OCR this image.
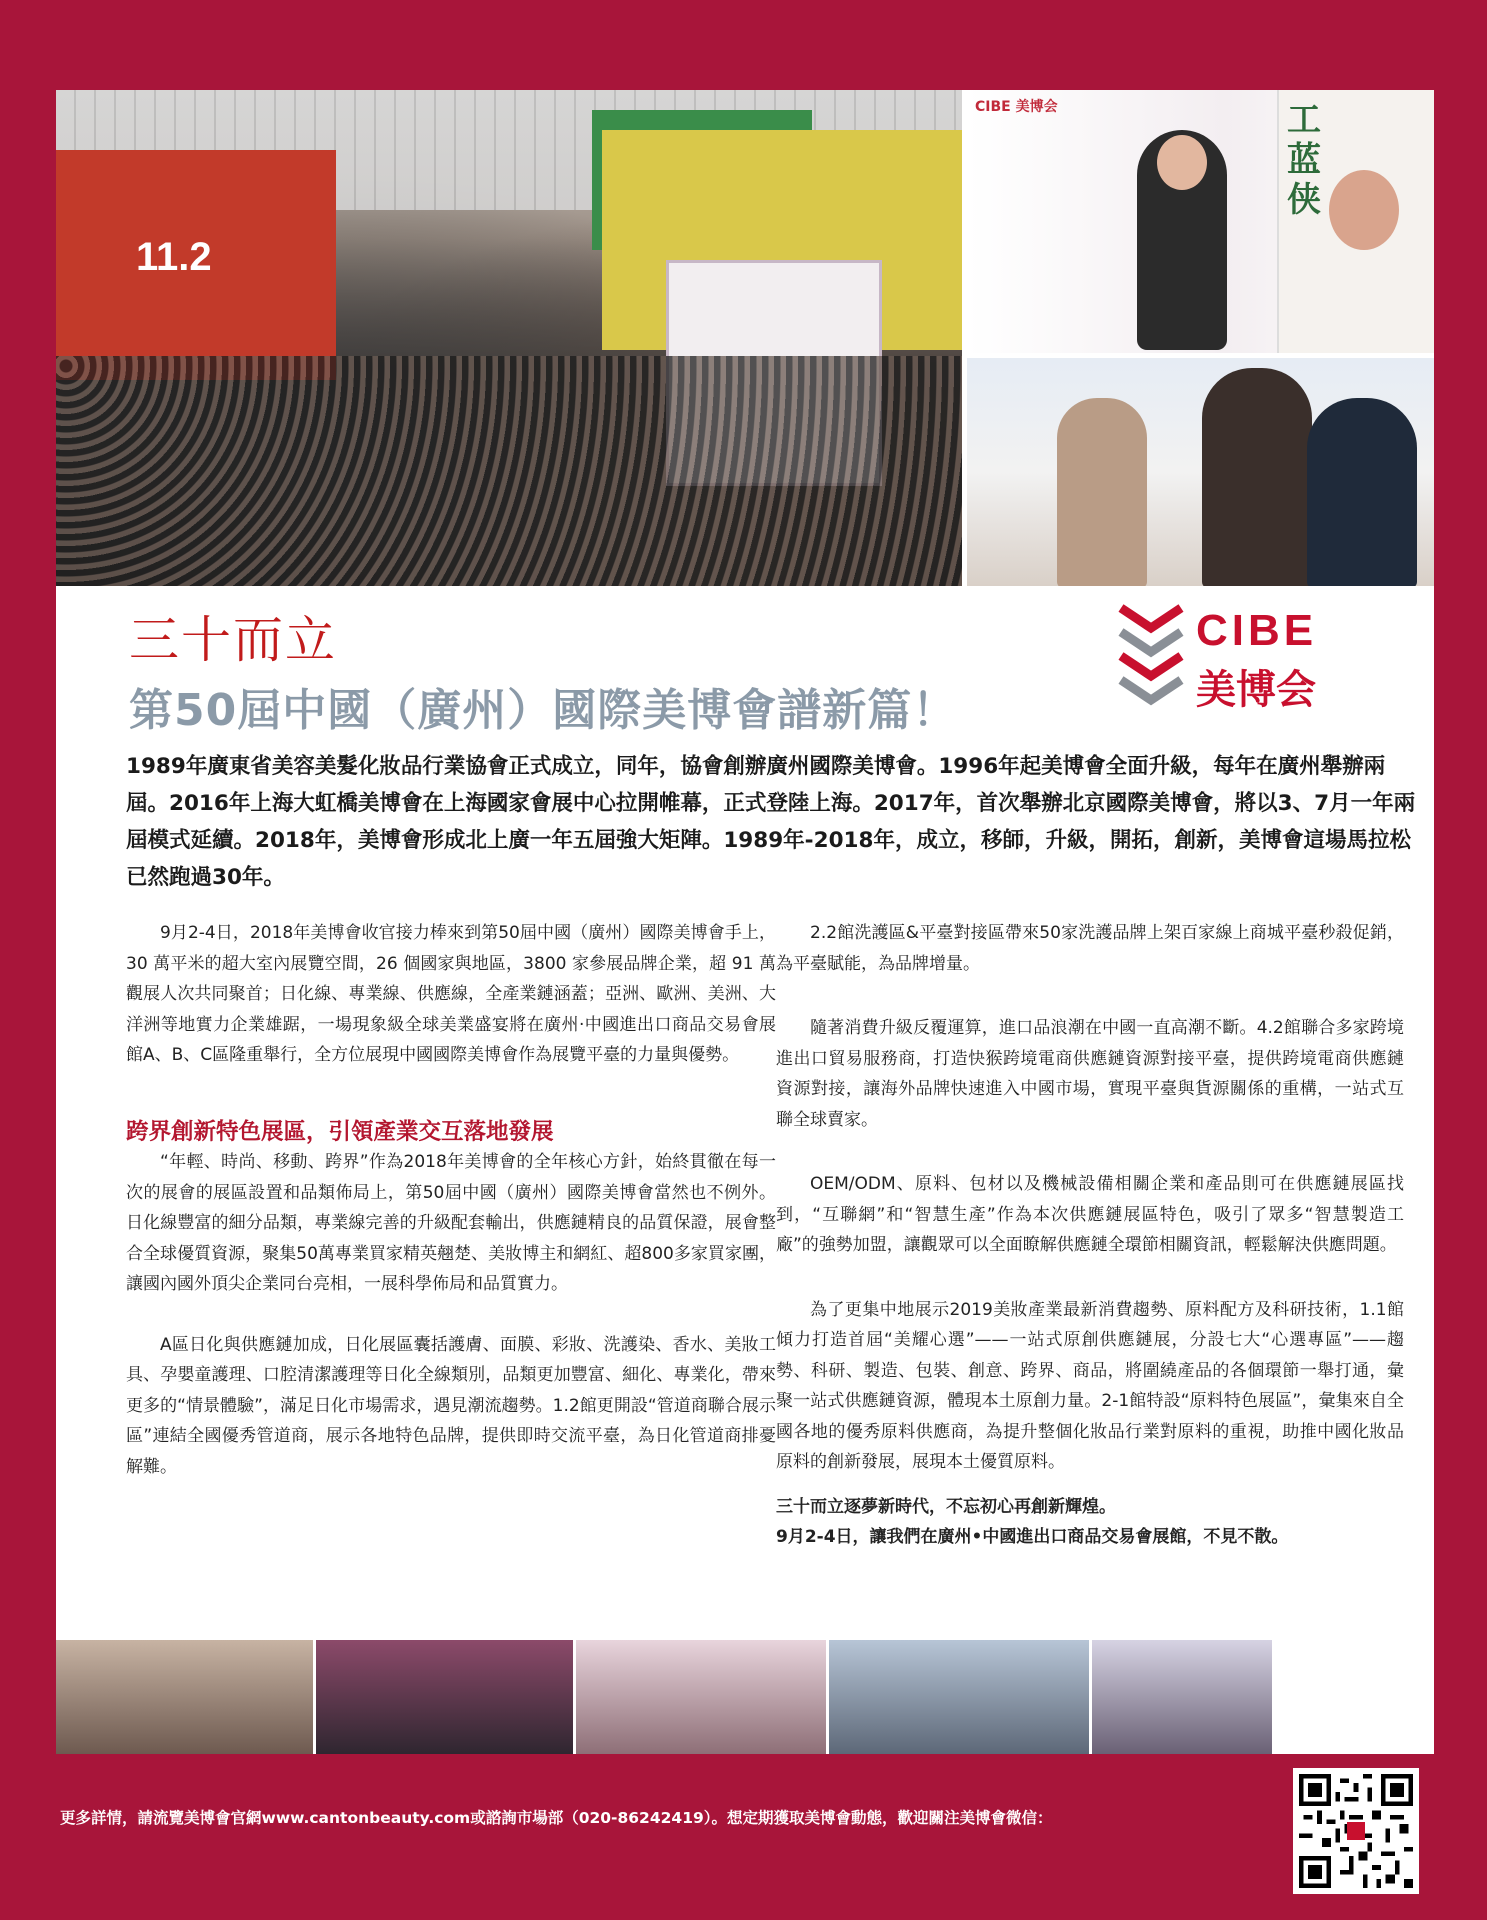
11.2
CIBE 美博会	工蓝侠
三十而立
第50屆中國（廣州）國際美博會譜新篇！
CIBE
美博会

1989年廣東省美容美髮化妝品行業協會正式成立，同年，協會創辦廣州國際美博會。1996年起美博會全面升級，每年在廣州舉辦兩屆。2016年上海大虹橋美博會在上海國家會展中心拉開帷幕，正式登陸上海。2017年，首次舉辦北京國際美博會，將以3、7月一年兩屆模式延續。2018年，美博會形成北上廣一年五屆強大矩陣。1989年-2018年，成立，移師，升級，開拓，創新，美博會這場馬拉松已然跑過30年。

9月2-4日，2018年美博會收官接力棒來到第50屆中國（廣州）國際美博會手上，30 萬平米的超大室內展覽空間，26 個國家與地區，3800 家參展品牌企業，超 91 萬觀展人次共同聚首；日化線、專業線、供應線，全產業鏈涵蓋；亞洲、歐洲、美洲、大洋洲等地實力企業雄踞，一場現象級全球美業盛宴將在廣州·中國進出口商品交易會展館A、B、C區隆重舉行，全方位展現中國國際美博會作為展覽平臺的力量與優勢。

跨界創新特色展區，引領產業交互落地發展

“年輕、時尚、移動、跨界”作為2018年美博會的全年核心方針，始終貫徹在每一次的展會的展區設置和品類佈局上，第50屆中國（廣州）國際美博會當然也不例外。日化線豐富的細分品類，專業線完善的升級配套輸出，供應鏈精良的品質保證，展會整合全球優質資源，聚集50萬專業買家精英翹楚、美妝博主和網紅、超800多家買家團，讓國內國外頂尖企業同台亮相，一展科學佈局和品質實力。

A區日化與供應鏈加成，日化展區囊括護膚、面膜、彩妝、洗護染、香水、美妝工具、孕嬰童護理、口腔清潔護理等日化全線類別，品類更加豐富、細化、專業化，帶來更多的“情景體驗”，滿足日化市場需求，遇見潮流趨勢。1.2館更開設“管道商聯合展示區”連結全國優秀管道商，展示各地特色品牌，提供即時交流平臺，為日化管道商排憂解難。

2.2館洗護區&平臺對接區帶來50家洗護品牌上架百家線上商城平臺秒殺促銷，為平臺賦能，為品牌增量。

隨著消費升級反覆運算，進口品浪潮在中國一直高潮不斷。4.2館聯合多家跨境進出口貿易服務商，打造快猴跨境電商供應鏈資源對接平臺，提供跨境電商供應鏈資源對接，讓海外品牌快速進入中國市場，實現平臺與貨源關係的重構，一站式互聯全球賣家。

OEM/ODM、原料、包材以及機械設備相關企業和產品則可在供應鏈展區找到，“互聯網”和“智慧生產”作為本次供應鏈展區特色，吸引了眾多“智慧製造工廠”的強勢加盟，讓觀眾可以全面瞭解供應鏈全環節相關資訊，輕鬆解決供應問題。

為了更集中地展示2019美妝產業最新消費趨勢、原料配方及科研技術，1.1館傾力打造首屆“美耀心選”——一站式原創供應鏈展，分設七大“心選專區”——趨勢、科研、製造、包裝、創意、跨界、商品，將圍繞產品的各個環節一舉打通，彙聚一站式供應鏈資源，體現本土原創力量。2-1館特設“原料特色展區”，彙集來自全國各地的優秀原料供應商，為提升整個化妝品行業對原料的重視，助推中國化妝品原料的創新發展，展現本土優質原料。

三十而立逐夢新時代，不忘初心再創新輝煌。

9月2-4日，讓我們在廣州•中國進出口商品交易會展館，不見不散。

更多詳情，請流覽美博會官網www.cantonbeauty.com或諮詢市場部（020-86242419）。想定期獲取美博會動態，歡迎關注美博會微信：
